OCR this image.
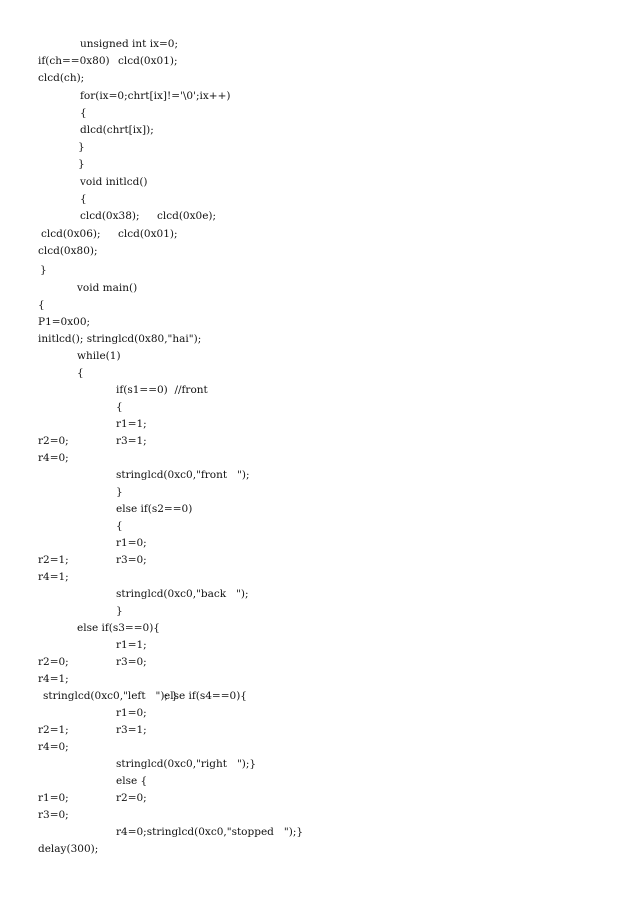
unsigned int ix=0;
if(ch==0x80) clcd(0x01);
clcd(ch);
for(ix=0;chrt[ix]!='\0';ix++)
{
dlcd(chrt[ix]);
}
}
void initlcd()
{
clcd(0x38); clcd(0x0e);
clcd(0x06); clcd(0x01);
clcd(0x80);
}
void main()
{
P1=0x00;
initlcd(); stringlcd(0x80,"hai");
while(1)
{
if(s1==0)  //front
{
r1=1;
r2=0;	r3=1;
r4=0;
stringlcd(0xc0,"front   ");
}
else if(s2==0)
{
r1=0;
r2=1;	r3=0;
r4=1;
stringlcd(0xc0,"back   ");
}
else if(s3==0){
r1=1;
r2=0;	r3=0;
r4=1;
stringlcd(0xc0,"left   "); }
else if(s4==0){
r1=0;
r2=1;	r3=1;
r4=0;
stringlcd(0xc0,"right   ");}
else {
r1=0;	r2=0;
r3=0;
r4=0;stringlcd(0xc0,"stopped   ");}
delay(300);
